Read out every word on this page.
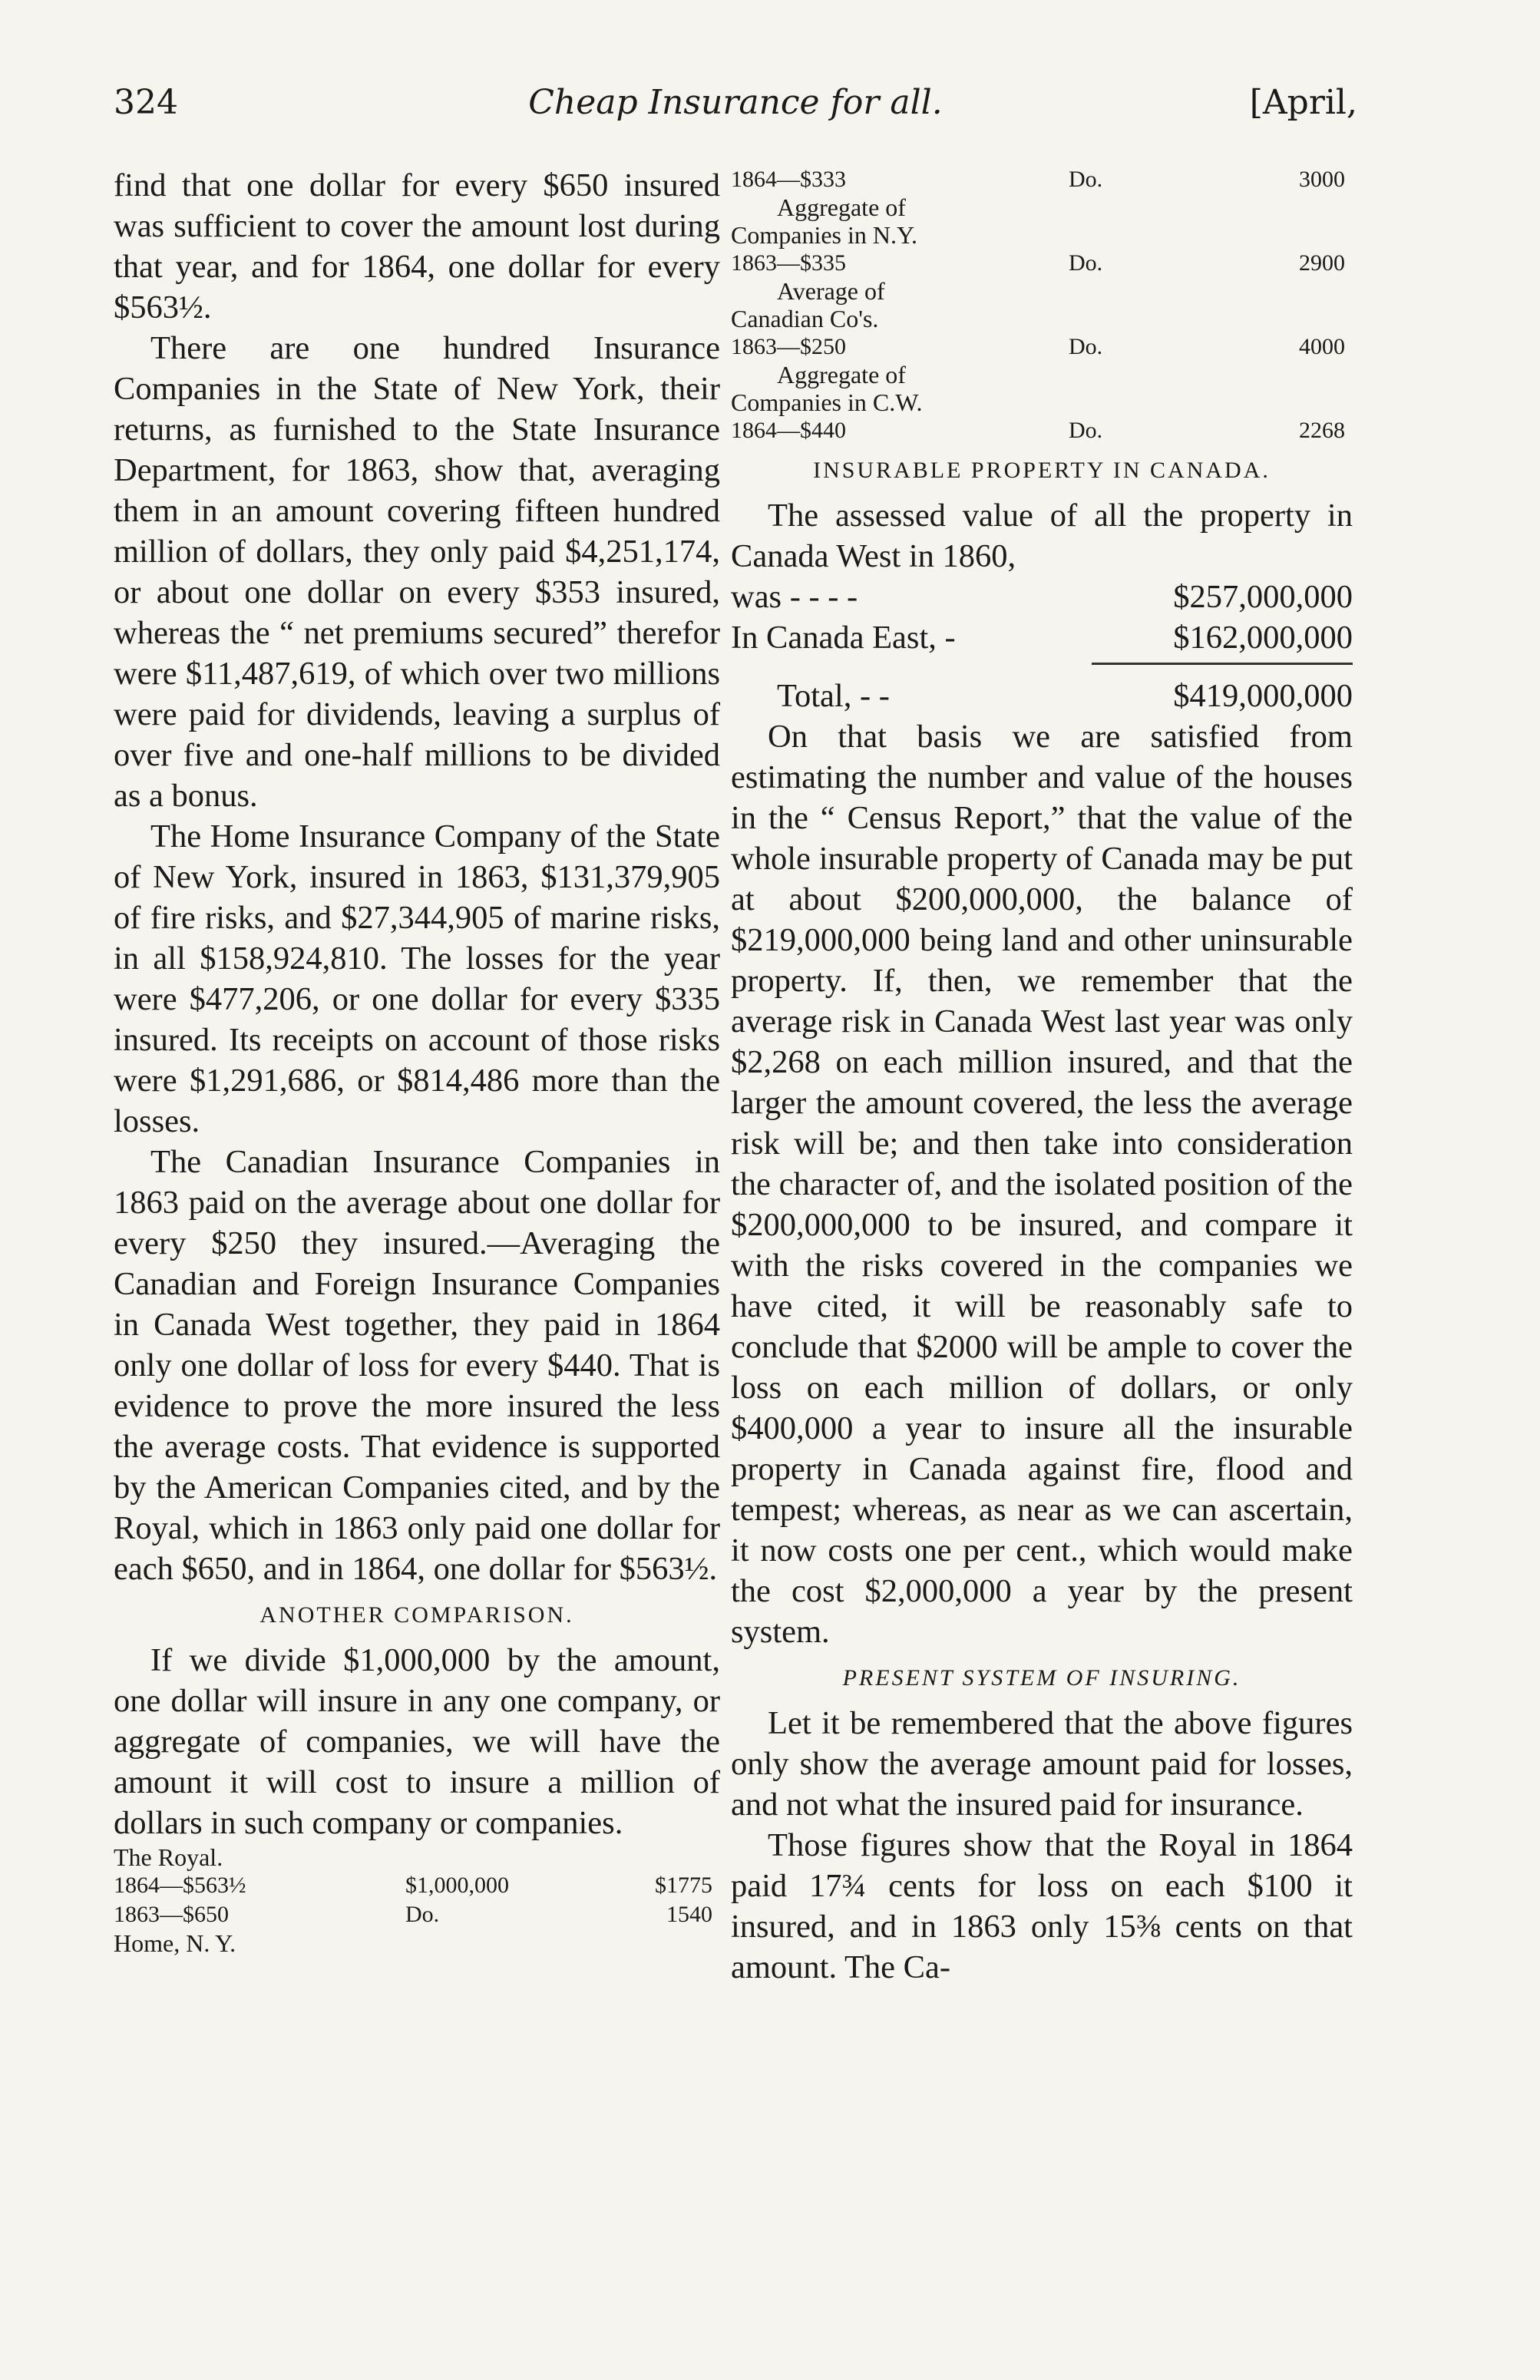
324	Cheap Insurance for all.	[April,

find that one dollar for every $650 insured was sufficient to cover the amount lost during that year, and for 1864, one dollar for every $563½.

There are one hundred Insurance Companies in the State of New York, their returns, as furnished to the State Insurance Department, for 1863, show that, averaging them in an amount covering fifteen hundred million of dollars, they only paid $4,251,174, or about one dollar on every $353 insured, whereas the “ net premiums secured” therefor were $11,487,619, of which over two millions were paid for dividends, leaving a surplus of over five and one-half millions to be divided as a bonus.

The Home Insurance Company of the State of New York, insured in 1863, $131,379,905 of fire risks, and $27,344,905 of marine risks, in all $158,924,810. The losses for the year were $477,206, or one dollar for every $335 insured. Its receipts on account of those risks were $1,291,686, or $814,486 more than the losses.

The Canadian Insurance Companies in 1863 paid on the average about one dollar for every $250 they insured.—Averaging the Canadian and Foreign Insurance Companies in Canada West together, they paid in 1864 only one dollar of loss for every $440. That is evidence to prove the more insured the less the average costs. That evidence is supported by the American Companies cited, and by the Royal, which in 1863 only paid one dollar for each $650, and in 1864, one dollar for $563½.

ANOTHER COMPARISON.

If we divide $1,000,000 by the amount, one dollar will insure in any one company, or aggregate of companies, we will have the amount it will cost to insure a million of dollars in such company or companies.

The Royal.
1864—$563½	$1,000,000	$1775
1863—$650	Do.	1540
Home, N. Y.
1864—$333	Do.	3000
Aggregate of
Companies in N.Y.
1863—$335	Do.	2900
Average of
Canadian Co's.
1863—$250	Do.	4000
Aggregate of
Companies in C.W.
1864—$440	Do.	2268
INSURABLE PROPERTY IN CANADA.

The assessed value of all the property in Canada West in 1860,

was - - - -	$257,000,000
In Canada East, -	$162,000,000
Total, - -	$419,000,000

On that basis we are satisfied from estimating the number and value of the houses in the “ Census Report,” that the value of the whole insurable property of Canada may be put at about $200,000,000, the balance of $219,000,000 being land and other uninsurable property. If, then, we remember that the average risk in Canada West last year was only $2,268 on each million insured, and that the larger the amount covered, the less the average risk will be; and then take into consideration the character of, and the isolated position of the $200,000,000 to be insured, and compare it with the risks covered in the companies we have cited, it will be reasonably safe to conclude that $2000 will be ample to cover the loss on each million of dollars, or only $400,000 a year to insure all the insurable property in Canada against fire, flood and tempest; whereas, as near as we can ascertain, it now costs one per cent., which would make the cost $2,000,000 a year by the present system.

PRESENT SYSTEM OF INSURING.

Let it be remembered that the above figures only show the average amount paid for losses, and not what the insured paid for insurance.

Those figures show that the Royal in 1864 paid 17¾ cents for loss on each $100 it insured, and in 1863 only 15⅜ cents on that amount. The Ca-
